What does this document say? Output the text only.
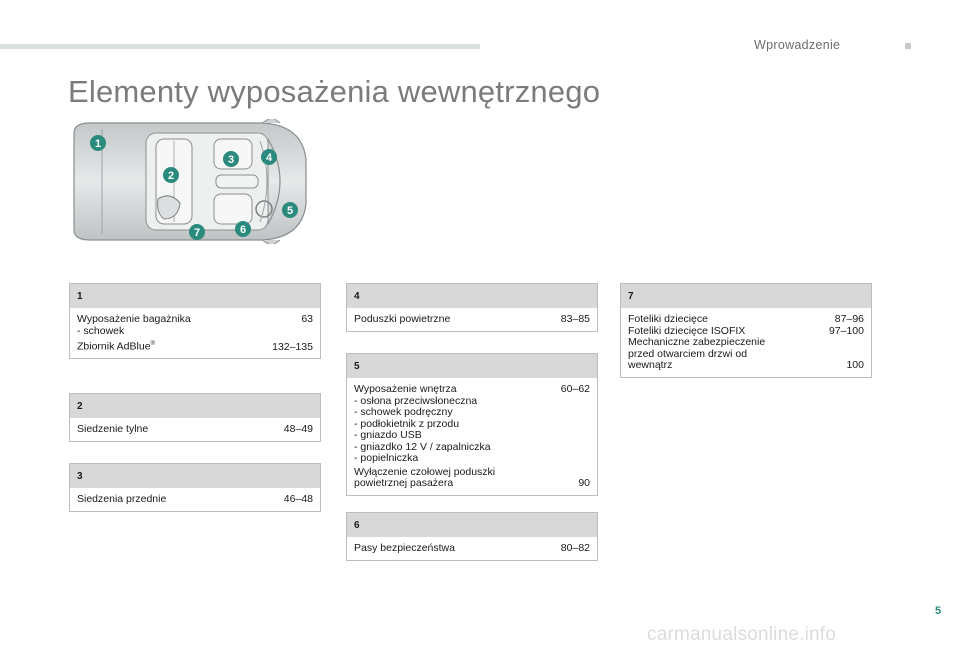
Wprowadzenie
Elementy wyposażenia wewnętrznego
1
2
3	4
5
6
7
1
Wyposażenie bagażnika	63
- schowek
Zbiornik AdBlue®	132–135
2
Siedzenie tylne	48–49
3
Siedzenia przednie	46–48
4
Poduszki powietrzne	83–85
5
Wyposażenie wnętrza	60–62
- osłona przeciwsłoneczna
- schowek podręczny
- podłokietnik z przodu
- gniazdo USB
- gniazdko 12 V / zapalniczka
- popielniczka
Wyłączenie czołowej poduszki powietrznej pasażera	90
6
Pasy bezpieczeństwa	80–82
7
Foteliki dziecięce	87–96
Foteliki dziecięce ISOFIX	97–100
Mechaniczne zabezpieczenie przed otwarciem drzwi od wewnątrz	100
5
carmanualsonline.info
